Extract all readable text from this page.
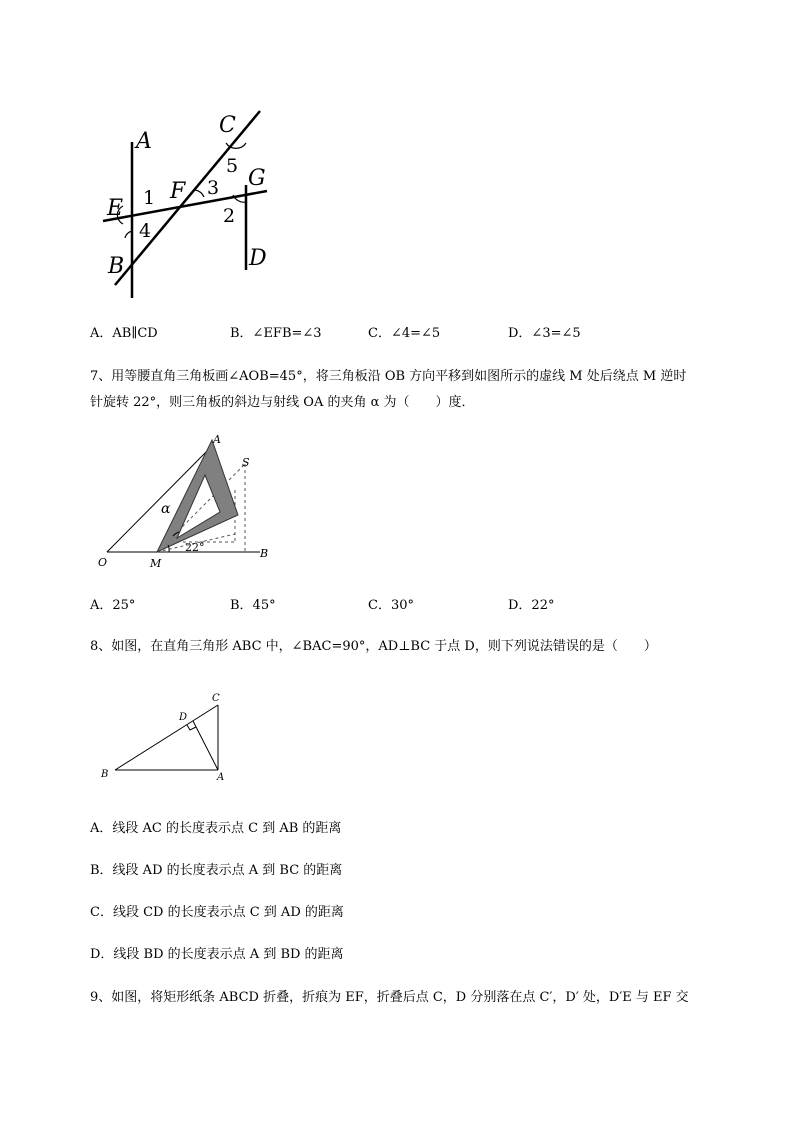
A
C
E
F
G
B	D
1
2
3
4
5
A．AB∥CD	B．∠EFB=∠3	C．∠4=∠5	D．∠3=∠5
7、用等腰直角三角板画∠AOB=45°，将三角板沿 OB 方向平移到如图所示的虚线 M 处后绕点 M 逆时
针旋转 22°，则三角板的斜边与射线 OA 的夹角 α 为（　　）度．
O	M
B
A
S
α
22°
A．25°	B．45°	C．30°	D．22°
8、如图，在直角三角形 ABC 中，∠BAC=90°，AD⊥BC 于点 D，则下列说法错误的是（　　）
B	A
C
D
A．线段 AC 的长度表示点 C 到 AB 的距离
B．线段 AD 的长度表示点 A 到 BC 的距离
C．线段 CD 的长度表示点 C 到 AD 的距离
D．线段 BD 的长度表示点 A 到 BD 的距离
9、如图，将矩形纸条 ABCD 折叠，折痕为 EF，折叠后点 C，D 分别落在点 C′，D′ 处，D′E 与 EF 交
